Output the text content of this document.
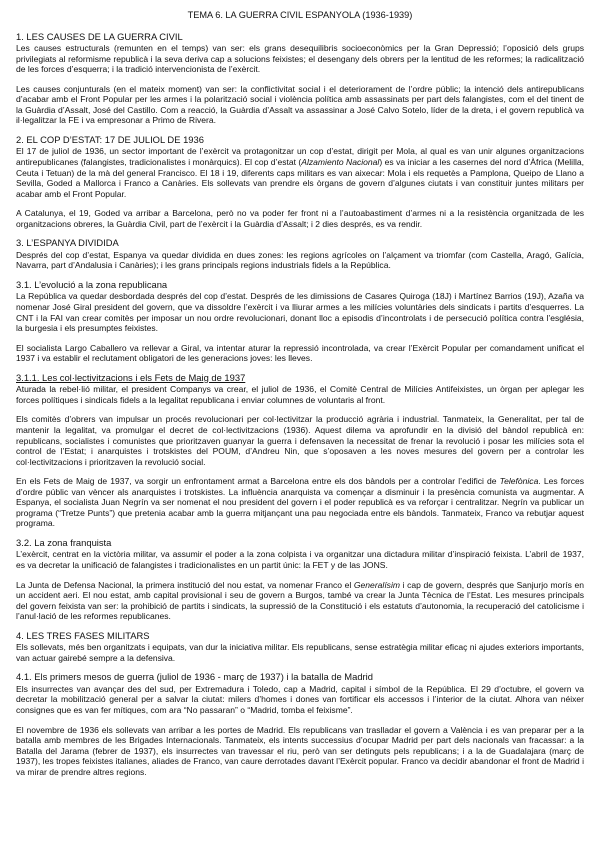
TEMA 6. LA GUERRA CIVIL ESPANYOLA (1936-1939)
1. LES CAUSES DE LA GUERRA CIVIL

Les causes estructurals (remunten en el temps) van ser: els grans desequilibris socioeconòmics per la Gran Depressió; l’oposició dels grups privilegiats al reformisme republicà i la seva deriva cap a solucions feixistes; el desengany dels obrers per la lentitud de les reformes; la radicalització de les forces d’esquerra; i la tradició intervencionista de l’exèrcit.

Les causes conjunturals (en el mateix moment) van ser: la conflictivitat social i el deteriorament de l’ordre públic; la intenció dels antirepublicans d’acabar amb el Front Popular per les armes i la polarització social i violència política amb assassinats per part dels falangistes, com el del tinent de la Guàrdia d’Assalt, José del Castillo. Com a reacció, la Guàrdia d’Assalt va assassinar a José Calvo Sotelo, líder de la dreta, i el govern republicà va il·legalitzar la FE i va empresonar a Primo de Rivera.

2. EL COP D’ESTAT: 17 DE JULIOL DE 1936

El 17 de juliol de 1936, un sector important de l’exèrcit va protagonitzar un cop d’estat, dirigit per Mola, al qual es van unir algunes organitzacions antirepublicanes (falangistes, tradicionalistes i monàrquics). El cop d’estat (Alzamiento Nacional) es va iniciar a les casernes del nord d’Àfrica (Melilla, Ceuta i Tetuan) de la mà del general Francisco. El 18 i 19, diferents caps militars es van aixecar: Mola i els requetès a Pamplona, Queipo de Llano a Sevilla, Goded a Mallorca i Franco a Canàries. Els sollevats van prendre els òrgans de govern d’algunes ciutats i van constituir juntes militars per acabar amb el Front Popular.

A Catalunya, el 19, Goded va arribar a Barcelona, però no va poder fer front ni a l’autoabastiment d’armes ni a la resistència organitzada de les organitzacions obreres, la Guàrdia Civil, part de l’exèrcit i la Guàrdia d’Assalt; i 2 dies després, es va rendir.

3. L’ESPANYA DIVIDIDA

Després del cop d’estat, Espanya va quedar dividida en dues zones: les regions agrícoles on l’alçament va triomfar (com Castella, Aragó, Galícia, Navarra, part d’Andalusia i Canàries); i les grans principals regions industrials fidels a la República.

3.1. L’evolució a la zona republicana

La República va quedar desbordada després del cop d’estat. Després de les dimissions de Casares Quiroga (18J) i Martínez Barrios (19J), Azaña va nomenar José Giral president del govern, que va dissoldre l’exèrcit i va lliurar armes a les milícies voluntàries dels sindicats i partits d’esquerres. La CNT i la FAI van crear comitès per imposar un nou ordre revolucionari, donant lloc a episodis d’incontrolats i de persecució política contra l’església, la burgesia i els presumptes feixistes.

El socialista Largo Caballero va rellevar a Giral, va intentar aturar la repressió incontrolada, va crear l’Exèrcit Popular per comandament unificat el 1937 i va establir el reclutament obligatori de les generacions joves: les lleves.

3.1.1. Les col·lectivitzacions i els Fets de Maig de 1937

Aturada la rebel·lió militar, el president Companys va crear, el juliol de 1936, el Comitè Central de Milícies Antifeixistes, un òrgan per aplegar les forces polítiques i sindicals fidels a la legalitat republicana i enviar columnes de voluntaris al front.

Els comitès d’obrers van impulsar un procés revolucionari per col·lectivitzar la producció agrària i industrial. Tanmateix, la Generalitat, per tal de mantenir la legalitat, va promulgar el decret de col·lectivitzacions (1936). Aquest dilema va aprofundir en la divisió del bàndol republicà en: republicans, socialistes i comunistes que prioritzaven guanyar la guerra i defensaven la necessitat de frenar la revolució i posar les milícies sota el control de l’Estat; i anarquistes i trotskistes del POUM, d’Andreu Nin, que s’oposaven a les noves mesures del govern per a controlar les col·lectivitzacions i prioritzaven la revolució social.

En els Fets de Maig de 1937, va sorgir un enfrontament armat a Barcelona entre els dos bàndols per a controlar l’edifici de Telefònica. Les forces d’ordre públic van vèncer als anarquistes i trotskistes. La influència anarquista va començar a disminuir i la presència comunista va augmentar. A Espanya, el socialista Juan Negrín va ser nomenat el nou president del govern i el poder republicà es va reforçar i centralitzar. Negrín va publicar un programa (“Tretze Punts”) que pretenia acabar amb la guerra mitjançant una pau negociada entre els bàndols. Tanmateix, Franco va rebutjar aquest programa.

3.2. La zona franquista

L’exèrcit, centrat en la victòria militar, va assumir el poder a la zona colpista i va organitzar una dictadura militar d’inspiració feixista. L’abril de 1937, es va decretar la unificació de falangistes i tradicionalistes en un partit únic: la FET y de las JONS.

La Junta de Defensa Nacional, la primera institució del nou estat, va nomenar Franco el Generalísim i cap de govern, després que Sanjurjo morís en un accident aeri. El nou estat, amb capital provisional i seu de govern a Burgos, també va crear la Junta Tècnica de l’Estat. Les mesures principals del govern feixista van ser: la prohibició de partits i sindicats, la supressió de la Constitució i els estatuts d’autonomia, la recuperació del catolicisme i l’anul·lació de les reformes republicanes.

4. LES TRES FASES MILITARS

Els sollevats, més ben organitzats i equipats, van dur la iniciativa militar. Els republicans, sense estratègia militar eficaç ni ajudes exteriors importants, van actuar gairebé sempre a la defensiva.

4.1. Els primers mesos de guerra (juliol de 1936 - març de 1937) i la batalla de Madrid

Els insurrectes van avançar des del sud, per Extremadura i Toledo, cap a Madrid, capital i símbol de la República. El 29 d’octubre, el govern va decretar la mobilització general per a salvar la ciutat: milers d’homes i dones van fortificar els accessos i l’interior de la ciutat. Alhora van néixer consignes que es van fer mítiques, com ara “No passaran” o “Madrid, tomba el feixisme”.

El novembre de 1936 els sollevats van arribar a les portes de Madrid. Els republicans van traslladar el govern a València i es van preparar per a la batalla amb membres de les Brigades Internacionals. Tanmateix, els intents successius d’ocupar Madrid per part dels nacionals van fracassar: a la Batalla del Jarama (febrer de 1937), els insurrectes van travessar el riu, però van ser detinguts pels republicans; i a la de Guadalajara (març de 1937), les tropes feixistes italianes, aliades de Franco, van caure derrotades davant l’Exèrcit popular. Franco va decidir abandonar el front de Madrid i va mirar de prendre altres regions.
